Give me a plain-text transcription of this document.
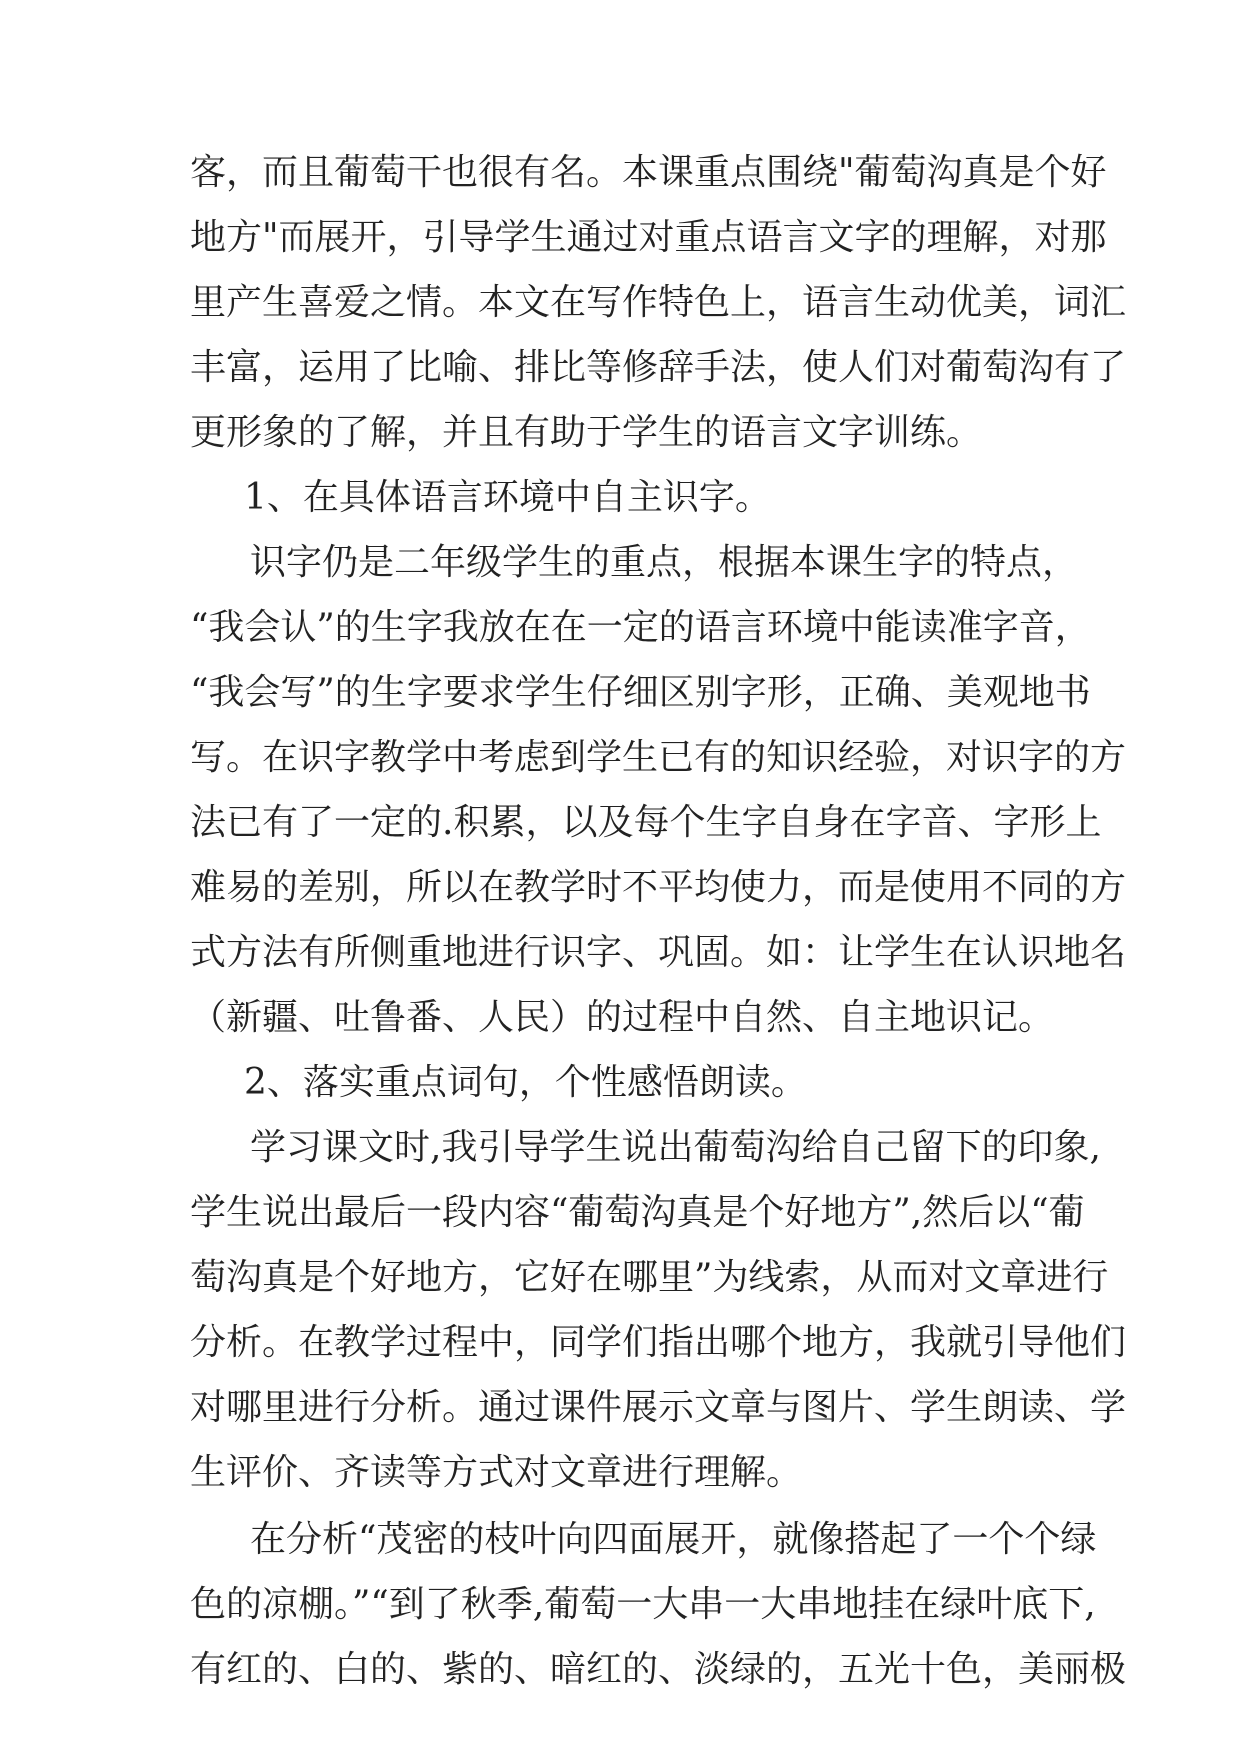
客，而且葡萄干也很有名。本课重点围绕"葡萄沟真是个好
地方"而展开，引导学生通过对重点语言文字的理解，对那
里产生喜爱之情。本文在写作特色上，语言生动优美，词汇
丰富，运用了比喻、排比等修辞手法，使人们对葡萄沟有了
更形象的了解，并且有助于学生的语言文字训练。
1、在具体语言环境中自主识字。
识字仍是二年级学生的重点，根据本课生字的特点，
“我会认”的生字我放在在一定的语言环境中能读准字音，
“我会写”的生字要求学生仔细区别字形，正确、美观地书
写。在识字教学中考虑到学生已有的知识经验，对识字的方
法已有了一定的.积累，以及每个生字自身在字音、字形上
难易的差别，所以在教学时不平均使力，而是使用不同的方
式方法有所侧重地进行识字、巩固。如：让学生在认识地名
（新疆、吐鲁番、人民）的过程中自然、自主地识记。
2、落实重点词句，个性感悟朗读。
学习课文时,我引导学生说出葡萄沟给自己留下的印象,
学生说出最后一段内容“葡萄沟真是个好地方”,然后以“葡
萄沟真是个好地方，它好在哪里”为线索，从而对文章进行
分析。在教学过程中，同学们指出哪个地方，我就引导他们
对哪里进行分析。通过课件展示文章与图片、学生朗读、学
生评价、齐读等方式对文章进行理解。
在分析“茂密的枝叶向四面展开，就像搭起了一个个绿
色的凉棚。”“到了秋季,葡萄一大串一大串地挂在绿叶底下,
有红的、白的、紫的、暗红的、淡绿的，五光十色，美丽极
